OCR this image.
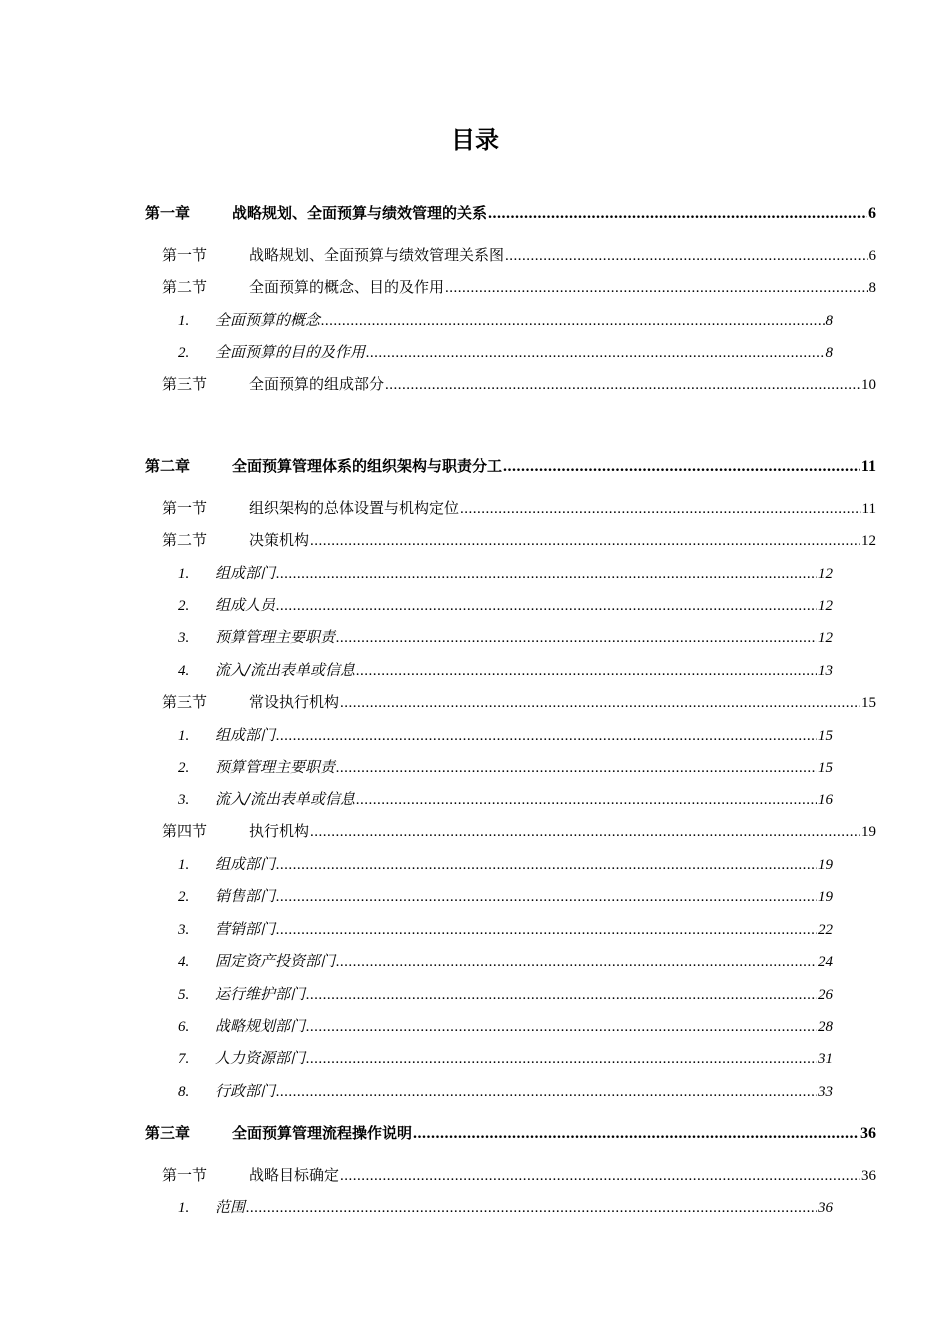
目录
第一章	战略规划、全面预算与绩效管理的关系 .....	6
第一节	战略规划、全面预算与绩效管理关系图 .....	6
第二节	全面预算的概念、目的及作用 .....	8
1.	全面预算的概念 .....	8
2.	全面预算的目的及作用 .....	8
第三节	全面预算的组成部分 .....	10
第二章	全面预算管理体系的组织架构与职责分工 .....	11
第一节	组织架构的总体设置与机构定位 .....	11
第二节	决策机构 .....	12
1.	组成部门 .....	12
2.	组成人员 .....	12
3.	预算管理主要职责 .....	12
4.	流入/流出表单或信息 .....	13
第三节	常设执行机构 .....	15
1.	组成部门 .....	15
2.	预算管理主要职责 .....	15
3.	流入/流出表单或信息 .....	16
第四节	执行机构 .....	19
1.	组成部门 .....	19
2.	销售部门 .....	19
3.	营销部门 .....	22
4.	固定资产投资部门 .....	24
5.	运行维护部门 .....	26
6.	战略规划部门 .....	28
7.	人力资源部门 .....	31
8.	行政部门 .....	33
第三章	全面预算管理流程操作说明 .....	36
第一节	战略目标确定 .....	36
1.	范围 .....	36
